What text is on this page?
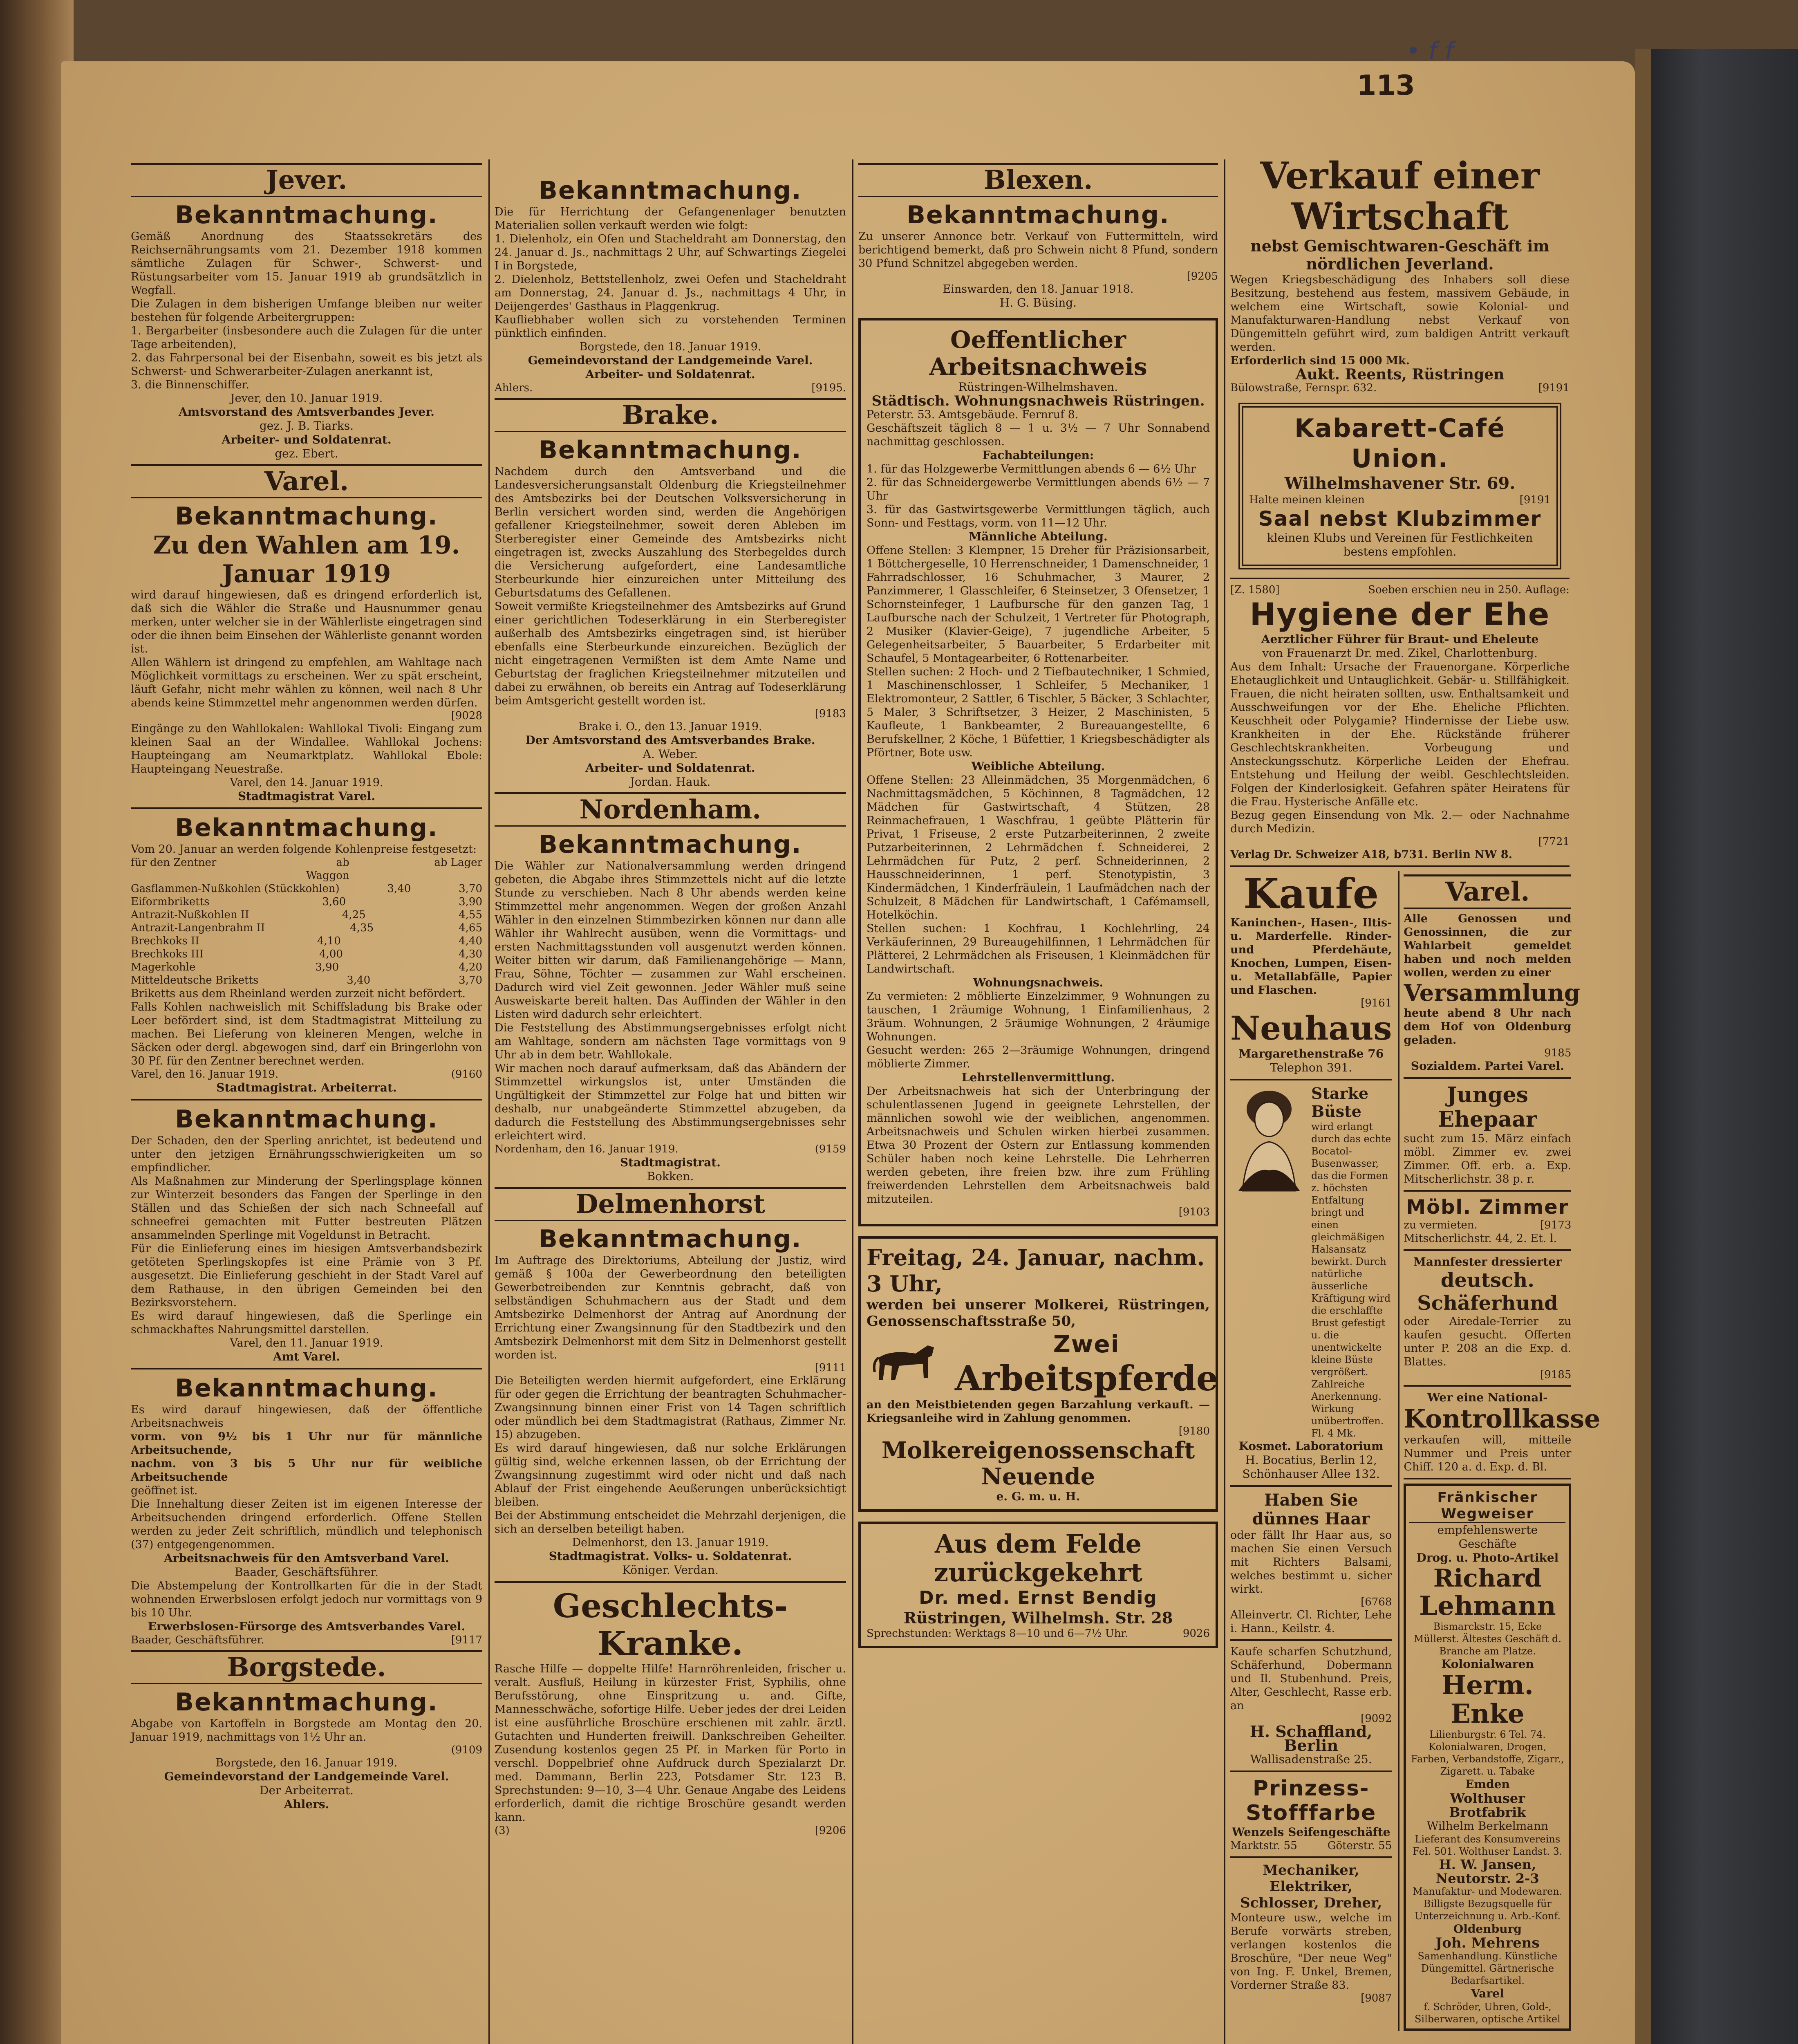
Jever.
Bekanntmachung.
Gemäß Anordnung des Staatssekretärs des Reichsernährungsamts vom 21. Dezember 1918 kommen sämtliche Zulagen für Schwer-, Schwerst- und Rüstungsarbeiter vom 15. Januar 1919 ab grundsätzlich in Wegfall.
Die Zulagen in dem bisherigen Umfange bleiben nur weiter bestehen für folgende Arbeitergruppen:
1. Bergarbeiter (insbesondere auch die Zulagen für die unter Tage arbeitenden),
2. das Fahrpersonal bei der Eisenbahn, soweit es bis jetzt als Schwerst- und Schwerarbeiter-Zulagen anerkannt ist,
3. die Binnenschiffer.
Jever, den 10. Januar 1919.
Amtsvorstand des Amtsverbandes Jever.
gez. J. B. Tiarks.
Arbeiter- und Soldatenrat.
gez. Ebert.
Varel.
Bekanntmachung.
Zu den Wahlen am 19. Januar 1919
wird darauf hingewiesen, daß es dringend erforderlich ist, daß sich die Wähler die Straße und Hausnummer genau merken, unter welcher sie in der Wählerliste eingetragen sind oder die ihnen beim Einsehen der Wählerliste genannt worden ist.
Allen Wählern ist dringend zu empfehlen, am Wahltage nach Möglichkeit vormittags zu erscheinen. Wer zu spät erscheint, läuft Gefahr, nicht mehr wählen zu können, weil nach 8 Uhr abends keine Stimmzettel mehr angenommen werden dürfen.
[9028
Eingänge zu den Wahllokalen: Wahllokal Tivoli: Eingang zum kleinen Saal an der Windallee. Wahllokal Jochens: Haupteingang am Neumarktplatz. Wahllokal Ebole: Haupteingang Neuestraße.
Varel, den 14. Januar 1919.
Stadtmagistrat Varel.
Bekanntmachung.
Vom 20. Januar an werden folgende Kohlenpreise festgesetzt:
für den Zentner	ab Waggon
ab Lager
Gasflammen-Nußkohlen (Stückkohlen)	3,40	3,70
Eiformbriketts	3,60	3,90
Antrazit-Nußkohlen II	4,25	4,55
Antrazit-Langenbrahm II	4,35	4,65
Brechkoks II	4,10	4,40
Brechkoks III	4,00	4,30
Magerkohle	3,90	4,20
Mitteldeutsche Briketts	3,40	3,70
Briketts aus dem Rheinland werden zurzeit nicht befördert.
Falls Kohlen nachweislich mit Schiffsladung bis Brake oder Leer befördert sind, ist dem Stadtmagistrat Mitteilung zu machen. Bei Lieferung von kleineren Mengen, welche in Säcken oder dergl. abgewogen sind, darf ein Bringerlohn von 30 Pf. für den Zentner berechnet werden.
Varel, den 16. Januar 1919.	(9160
Stadtmagistrat. Arbeiterrat.
Bekanntmachung.
Der Schaden, den der Sperling anrichtet, ist bedeutend und unter den jetzigen Ernährungsschwierigkeiten um so empfindlicher.
Als Maßnahmen zur Minderung der Sperlingsplage können zur Winterzeit besonders das Fangen der Sperlinge in den Ställen und das Schießen der sich nach Schneefall auf schneefrei gemachten mit Futter bestreuten Plätzen ansammelnden Sperlinge mit Vogeldunst in Betracht.
Für die Einlieferung eines im hiesigen Amtsverbandsbezirk getöteten Sperlingskopfes ist eine Prämie von 3 Pf. ausgesetzt. Die Einlieferung geschieht in der Stadt Varel auf dem Rathause, in den übrigen Gemeinden bei den Bezirksvorstehern.
Es wird darauf hingewiesen, daß die Sperlinge ein schmackhaftes Nahrungsmittel darstellen.
Varel, den 11. Januar 1919.
Amt Varel.
Bekanntmachung.
Es wird darauf hingewiesen, daß der öffentliche Arbeitsnachweis
vorm. von 9½ bis 1 Uhr nur für männliche Arbeitsuchende,
nachm. von 3 bis 5 Uhr nur für weibliche Arbeitsuchende
geöffnet ist.
Die Innehaltung dieser Zeiten ist im eigenen Interesse der Arbeitsuchenden dringend erforderlich. Offene Stellen werden zu jeder Zeit schriftlich, mündlich und telephonisch (37) entgegengenommen.
Arbeitsnachweis für den Amtsverband Varel.
Baader, Geschäftsführer.
Die Abstempelung der Kontrollkarten für die in der Stadt wohnenden Erwerbslosen erfolgt jedoch nur vormittags von 9 bis 10 Uhr.
Erwerbslosen-Fürsorge des Amtsverbandes Varel.
Baader, Geschäftsführer.	[9117
Borgstede.
Bekanntmachung.
Abgabe von Kartoffeln in Borgstede am Montag den 20. Januar 1919, nachmittags von 1½ Uhr an.
(9109
Borgstede, den 16. Januar 1919.
Gemeindevorstand der Landgemeinde Varel.
Der Arbeiterrat.
Ahlers.
Bekanntmachung.
Die für Herrichtung der Gefangenenlager benutzten Materialien sollen verkauft werden wie folgt:
1. Dielenholz, ein Ofen und Stacheldraht am Donnerstag, den 24. Januar d. Js., nachmittags 2 Uhr, auf Schwartings Ziegelei I in Borgstede,
2. Dielenholz, Bettstellenholz, zwei Oefen und Stacheldraht am Donnerstag, 24. Januar d. Js., nachmittags 4 Uhr, in Deijengerdes' Gasthaus in Plaggenkrug.
Kaufliebhaber wollen sich zu vorstehenden Terminen pünktlich einfinden.
Borgstede, den 18. Januar 1919.
Gemeindevorstand der Landgemeinde Varel.
Arbeiter- und Soldatenrat.
Ahlers.	[9195.
Brake.
Bekanntmachung.
Nachdem durch den Amtsverband und die Landesversicherungsanstalt Oldenburg die Kriegsteilnehmer des Amtsbezirks bei der Deutschen Volksversicherung in Berlin versichert worden sind, werden die Angehörigen gefallener Kriegsteilnehmer, soweit deren Ableben im Sterberegister einer Gemeinde des Amtsbezirks nicht eingetragen ist, zwecks Auszahlung des Sterbegeldes durch die Versicherung aufgefordert, eine Landesamtliche Sterbeurkunde hier einzureichen unter Mitteilung des Geburtsdatums des Gefallenen.
Soweit vermißte Kriegsteilnehmer des Amtsbezirks auf Grund einer gerichtlichen Todeserklärung in ein Sterberegister außerhalb des Amtsbezirks eingetragen sind, ist hierüber ebenfalls eine Sterbeurkunde einzureichen. Bezüglich der nicht eingetragenen Vermißten ist dem Amte Name und Geburtstag der fraglichen Kriegsteilnehmer mitzuteilen und dabei zu erwähnen, ob bereits ein Antrag auf Todeserklärung beim Amtsgericht gestellt worden ist.
[9183
Brake i. O., den 13. Januar 1919.
Der Amtsvorstand des Amtsverbandes Brake.
A. Weber.
Arbeiter- und Soldatenrat.
Jordan. Hauk.
Nordenham.
Bekanntmachung.
Die Wähler zur Nationalversammlung werden dringend gebeten, die Abgabe ihres Stimmzettels nicht auf die letzte Stunde zu verschieben. Nach 8 Uhr abends werden keine Stimmzettel mehr angenommen. Wegen der großen Anzahl Wähler in den einzelnen Stimmbezirken können nur dann alle Wähler ihr Wahlrecht ausüben, wenn die Vormittags- und ersten Nachmittagsstunden voll ausgenutzt werden können. Weiter bitten wir darum, daß Familienangehörige — Mann, Frau, Söhne, Töchter — zusammen zur Wahl erscheinen. Dadurch wird viel Zeit gewonnen. Jeder Wähler muß seine Ausweiskarte bereit halten. Das Auffinden der Wähler in den Listen wird dadurch sehr erleichtert.
Die Feststellung des Abstimmungsergebnisses erfolgt nicht am Wahltage, sondern am nächsten Tage vormittags von 9 Uhr ab in dem betr. Wahllokale.
Wir machen noch darauf aufmerksam, daß das Abändern der Stimmzettel wirkungslos ist, unter Umständen die Ungültigkeit der Stimmzettel zur Folge hat und bitten wir deshalb, nur unabgeänderte Stimmzettel abzugeben, da dadurch die Feststellung des Abstimmungsergebnisses sehr erleichtert wird.
Nordenham, den 16. Januar 1919.	(9159
Stadtmagistrat.
Bokken.
Delmenhorst
Bekanntmachung.
Im Auftrage des Direktoriums, Abteilung der Justiz, wird gemäß § 100a der Gewerbeordnung den beteiligten Gewerbetreibenden zur Kenntnis gebracht, daß von selbständigen Schuhmachern aus der Stadt und dem Amtsbezirke Delmenhorst der Antrag auf Anordnung der Errichtung einer Zwangsinnung für den Stadtbezirk und den Amtsbezirk Delmenhorst mit dem Sitz in Delmenhorst gestellt worden ist.
[9111
Die Beteiligten werden hiermit aufgefordert, eine Erklärung für oder gegen die Errichtung der beantragten Schuhmacher-Zwangsinnung binnen einer Frist von 14 Tagen schriftlich oder mündlich bei dem Stadtmagistrat (Rathaus, Zimmer Nr. 15) abzugeben.
Es wird darauf hingewiesen, daß nur solche Erklärungen gültig sind, welche erkennen lassen, ob der Errichtung der Zwangsinnung zugestimmt wird oder nicht und daß nach Ablauf der Frist eingehende Aeußerungen unberücksichtigt bleiben.
Bei der Abstimmung entscheidet die Mehrzahl derjenigen, die sich an derselben beteiligt haben.
Delmenhorst, den 13. Januar 1919.
Stadtmagistrat. Volks- u. Soldatenrat.
Königer. Verdan.
Geschlechts-Kranke.
Rasche Hilfe — doppelte Hilfe! Harnröhrenleiden, frischer u. veralt. Ausfluß, Heilung in kürzester Frist, Syphilis, ohne Berufsstörung, ohne Einspritzung u. and. Gifte, Mannesschwäche, sofortige Hilfe. Ueber jedes der drei Leiden ist eine ausführliche Broschüre erschienen mit zahlr. ärztl. Gutachten und Hunderten freiwill. Dankschreiben Geheilter. Zusendung kostenlos gegen 25 Pf. in Marken für Porto in verschl. Doppelbrief ohne Aufdruck durch Spezialarzt Dr. med. Dammann, Berlin 223, Potsdamer Str. 123 B. Sprechstunden: 9—10, 3—4 Uhr. Genaue Angabe des Leidens erforderlich, damit die richtige Broschüre gesandt werden kann.
(3)	[9206
Blexen.
Bekanntmachung.
Zu unserer Annonce betr. Verkauf von Futtermitteln, wird berichtigend bemerkt, daß pro Schwein nicht 8 Pfund, sondern 30 Pfund Schnitzel abgegeben werden.
[9205
Einswarden, den 18. Januar 1918.
H. G. Büsing.
Oeffentlicher Arbeitsnachweis
Rüstringen-Wilhelmshaven.
Städtisch. Wohnungsnachweis Rüstringen.
Peterstr. 53. Amtsgebäude. Fernruf 8.
Geschäftszeit täglich 8 — 1 u. 3½ — 7 Uhr Sonnabend nachmittag geschlossen.
Fachabteilungen:
1. für das Holzgewerbe Vermittlungen abends 6 — 6½ Uhr
2. für das Schneidergewerbe Vermittlungen abends 6½ — 7 Uhr
3. für das Gastwirtsgewerbe Vermittlungen täglich, auch Sonn- und Festtags, vorm. von 11—12 Uhr.
Männliche Abteilung.
Offene Stellen: 3 Klempner, 15 Dreher für Präzisionsarbeit, 1 Böttchergeselle, 10 Herrenschneider, 1 Damenschneider, 1 Fahrradschlosser, 16 Schuhmacher, 3 Maurer, 2 Panzimmerer, 1 Glasschleifer, 6 Steinsetzer, 3 Ofensetzer, 1 Schornsteinfeger, 1 Laufbursche für den ganzen Tag, 1 Laufbursche nach der Schulzeit, 1 Vertreter für Photograph, 2 Musiker (Klavier-Geige), 7 jugendliche Arbeiter, 5 Gelegenheitsarbeiter, 5 Bauarbeiter, 5 Erdarbeiter mit Schaufel, 5 Montagearbeiter, 6 Rottenarbeiter.
Stellen suchen: 2 Hoch- und 2 Tiefbautechniker, 1 Schmied, 1 Maschinenschlosser, 1 Schleifer, 5 Mechaniker, 1 Elektromonteur, 2 Sattler, 6 Tischler, 5 Bäcker, 3 Schlachter, 5 Maler, 3 Schriftsetzer, 3 Heizer, 2 Maschinisten, 5 Kaufleute, 1 Bankbeamter, 2 Bureauangestellte, 6 Berufskellner, 2 Köche, 1 Büfettier, 1 Kriegsbeschädigter als Pförtner, Bote usw.
Weibliche Abteilung.
Offene Stellen: 23 Alleinmädchen, 35 Morgenmädchen, 6 Nachmittagsmädchen, 5 Köchinnen, 8 Tagmädchen, 12 Mädchen für Gastwirtschaft, 4 Stützen, 28 Reinmachefrauen, 1 Waschfrau, 1 geübte Plätterin für Privat, 1 Friseuse, 2 erste Putzarbeiterinnen, 2 zweite Putzarbeiterinnen, 2 Lehrmädchen f. Schneiderei, 2 Lehrmädchen für Putz, 2 perf. Schneiderinnen, 2 Hausschneiderinnen, 1 perf. Stenotypistin, 3 Kindermädchen, 1 Kinderfräulein, 1 Laufmädchen nach der Schulzeit, 8 Mädchen für Landwirtschaft, 1 Cafémamsell, Hotelköchin.
Stellen suchen: 1 Kochfrau, 1 Kochlehrling, 24 Verkäuferinnen, 29 Bureaugehilfinnen, 1 Lehrmädchen für Plätterei, 2 Lehrmädchen als Friseusen, 1 Kleinmädchen für Landwirtschaft.
Wohnungsnachweis.
Zu vermieten: 2 möblierte Einzelzimmer, 9 Wohnungen zu tauschen, 1 2räumige Wohnung, 1 Einfamilienhaus, 2 3räum. Wohnungen, 2 5räumige Wohnungen, 2 4räumige Wohnungen.
Gesucht werden: 265 2—3räumige Wohnungen, dringend möblierte Zimmer.
Lehrstellenvermittlung.
Der Arbeitsnachweis hat sich der Unterbringung der schulentlassenen Jugend in geeignete Lehrstellen, der männlichen sowohl wie der weiblichen, angenommen. Arbeitsnachweis und Schulen wirken hierbei zusammen. Etwa 30 Prozent der Ostern zur Entlassung kommenden Schüler haben noch keine Lehrstelle. Die Lehrherren werden gebeten, ihre freien bzw. ihre zum Frühling freiwerdenden Lehrstellen dem Arbeitsnachweis bald mitzuteilen.
[9103
Freitag, 24. Januar, nachm. 3 Uhr,
werden bei unserer Molkerei, Rüstringen, Genossenschaftsstraße 50,
Zwei
Arbeitspferde
an den Meistbietenden gegen Barzahlung verkauft. — Kriegsanleihe wird in Zahlung genommen.
[9180
Molkereigenossenschaft Neuende
e. G. m. u. H.
Aus dem Felde zurückgekehrt
Dr. med. Ernst Bendig
Rüstringen, Wilhelmsh. Str. 28
Sprechstunden: Werktags 8—10 und 6—7½ Uhr.	9026
Verkauf einer Wirtschaft
nebst Gemischtwaren-Geschäft im nördlichen Jeverland.
Wegen Kriegsbeschädigung des Inhabers soll diese Besitzung, bestehend aus festem, massivem Gebäude, in welchem eine Wirtschaft, sowie Kolonial- und Manufakturwaren-Handlung nebst Verkauf von Düngemitteln geführt wird, zum baldigen Antritt verkauft werden.
Erforderlich sind 15 000 Mk.
Aukt. Reents, Rüstringen
Bülowstraße, Fernspr. 632.	[9191
Kabarett-Café Union.
Wilhelmshavener Str. 69.
Halte meinen kleinen	[9191
Saal nebst Klubzimmer
kleinen Klubs und Vereinen für Festlichkeiten bestens empfohlen.
[Z. 1580]	Soeben erschien neu in 250. Auflage:
Hygiene der Ehe
Aerztlicher Führer für Braut- und Eheleute
von Frauenarzt Dr. med. Zikel, Charlottenburg.
Aus dem Inhalt: Ursache der Frauenorgane. Körperliche Ehetauglichkeit und Untauglichkeit. Gebär- u. Stillfähigkeit. Frauen, die nicht heiraten sollten, usw. Enthaltsamkeit und Ausschweifungen vor der Ehe. Eheliche Pflichten. Keuschheit oder Polygamie? Hindernisse der Liebe usw. Krankheiten in der Ehe. Rückstände früherer Geschlechtskrankheiten. Vorbeugung und Ansteckungsschutz. Körperliche Leiden der Ehefrau. Entstehung und Heilung der weibl. Geschlechtsleiden. Folgen der Kinderlosigkeit. Gefahren später Heiratens für die Frau. Hysterische Anfälle etc.
Bezug gegen Einsendung von Mk. 2.— oder Nachnahme durch Medizin.
[7721
Verlag Dr. Schweizer A18, b731. Berlin NW 8.
Kaufe
Kaninchen-, Hasen-, Iltis- u. Marderfelle. Rinder- und Pferdehäute, Knochen, Lumpen, Eisen- u. Metallabfälle, Papier und Flaschen.
[9161
Neuhaus
Margarethenstraße 76
Telephon 391.
Starke Büste
wird erlangt durch das echte Bocatol-Busenwasser, das die Formen z. höchsten Entfaltung bringt und einen gleichmäßigen Halsansatz bewirkt. Durch natürliche äusserliche Kräftigung wird die erschlaffte Brust gefestigt u. die unentwickelte kleine Büste vergrößert. Zahlreiche Anerkennung. Wirkung unübertroffen. Fl. 4 Mk.
Kosmet. Laboratorium
H. Bocatius, Berlin 12, Schönhauser Allee 132.
Haben Sie dünnes Haar
oder fällt Ihr Haar aus, so machen Sie einen Versuch mit Richters Balsami, welches bestimmt u. sicher wirkt.
[6768
Alleinvertr. Cl. Richter, Lehe i. Hann., Keilstr. 4.
Kaufe scharfen Schutzhund, Schäferhund, Dobermann und Il. Stubenhund. Preis, Alter, Geschlecht, Rasse erb. an
[9092
H. Schaffland, Berlin
Wallisadenstraße 25.
Prinzess-Stofffarbe
Wenzels Seifengeschäfte
Marktstr. 55	Göterstr. 55
Mechaniker, Elektriker, Schlosser, Dreher,
Monteure usw., welche im Berufe vorwärts streben, verlangen kostenlos die Broschüre, "Der neue Weg" von Ing. F. Unkel, Bremen, Vorderner Straße 83.
[9087
Varel.
Alle Genossen und Genossinnen, die zur Wahlarbeit gemeldet haben und noch melden wollen, werden zu einer
Versammlung
heute abend 8 Uhr nach dem Hof von Oldenburg geladen.
9185
Sozialdem. Partei Varel.
Junges Ehepaar
sucht zum 15. März einfach möbl. Zimmer ev. zwei Zimmer. Off. erb. a. Exp. Mitscherlichstr. 38 p. r.
Möbl. Zimmer
zu vermieten.	[9173
Mitscherlichstr. 44, 2. Et. l.
Mannfester dressierter
deutsch. Schäferhund
oder Airedale-Terrier zu kaufen gesucht. Offerten unter P. 208 an die Exp. d. Blattes.
[9185
Wer eine National-
Kontrollkasse
verkaufen will, mitteile Nummer und Preis unter Chiff. 120 a. d. Exp. d. Bl.
Fränkischer Wegweiser
empfehlenswerte Geschäfte
Drog. u. Photo-Artikel
Richard
Lehmann
Bismarckstr. 15, Ecke Müllerst. Ältestes Geschäft d. Branche am Platze.
Kolonialwaren
Herm. Enke
Lilienburgstr. 6 Tel. 74. Kolonialwaren, Drogen, Farben, Verbandstoffe, Zigarr., Zigarett. u. Tabake
Emden
Wolthuser Brotfabrik
Wilhelm Berkelmann
Lieferant des Konsumvereins Fel. 501. Wolthuser Landst. 3.
H. W. Jansen, Neutorstr. 2-3
Manufaktur- und Modewaren. Billigste Bezugsquelle für Unterzeichnung u. Arb.-Konf.
Oldenburg
Joh. Mehrens
Samenhandlung. Künstliche Düngemittel. Gärtnerische Bedarfsartikel.
Varel
f. Schröder, Uhren, Gold-, Silberwaren, optische Artikel
113
• f f
